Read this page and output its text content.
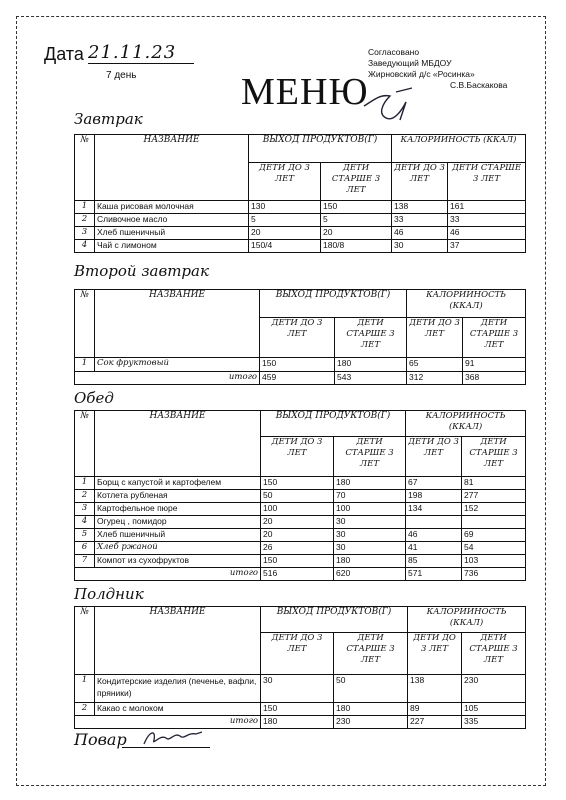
Дата 21.11.23
7 день	МЕНЮ
Согласовано
Заведующий МБДОУ
Жирновский д/с «Росинка»
С.В.Баскакова
Завтрак
№	НАЗВАНИЕ	ВЫХОД ПРОДУКТОВ(Г)		КАЛОРИЙНОСТЬ (ККАЛ)	
		ДЕТИ ДО 3 ЛЕТ	ДЕТИ СТАРШЕ 3 ЛЕТ	ДЕТИ ДО 3 ЛЕТ	ДЕТИ СТАРШЕ 3 ЛЕТ
1	Каша рисовая молочная	130	150	138	161
2	Сливочное масло	5	5	33	33
3	Хлеб пшеничный	20	20	46	46
4	Чай с лимоном	150/4	180/8	30	37
Второй завтрак
№	НАЗВАНИЕ	ВЫХОД ПРОДУКТОВ(Г)		КАЛОРИЙНОСТЬ (ККАЛ)	
		ДЕТИ ДО 3 ЛЕТ	ДЕТИ СТАРШЕ 3 ЛЕТ	ДЕТИ ДО 3 ЛЕТ	ДЕТИ СТАРШЕ 3 ЛЕТ
1	Сок фруктовый	150	180	65	91
итого		459	543	312	368
Обед
№	НАЗВАНИЕ	ВЫХОД ПРОДУКТОВ(Г)		КАЛОРИЙНОСТЬ (ККАЛ)	
		ДЕТИ ДО 3 ЛЕТ	ДЕТИ СТАРШЕ 3 ЛЕТ	ДЕТИ ДО 3 ЛЕТ	ДЕТИ СТАРШЕ 3 ЛЕТ
1	Борщ с капустой и картофелем	150	180	67	81
2	Котлета рубленая	50	70	198	277
3	Картофельное пюре	100	100	134	152
4	Огурец , помидор	20	30		
5	Хлеб пшеничный	20	30	46	69
6	Хлеб ржаной	26	30	41	54
7	Компот из сухофруктов	150	180	85	103
итого		516	620	571	736
Полдник
№	НАЗВАНИЕ	ВЫХОД ПРОДУКТОВ(Г)		КАЛОРИЙНОСТЬ (ККАЛ)	
		ДЕТИ ДО 3 ЛЕТ	ДЕТИ СТАРШЕ 3 ЛЕТ	ДЕТИ ДО 3 ЛЕТ	ДЕТИ СТАРШЕ 3 ЛЕТ
1	Кондитерские изделия (печенье, вафли, пряники)	30	50	138	230
2	Какао с молоком	150	180	89	105
итого		180	230	227	335
Повар
